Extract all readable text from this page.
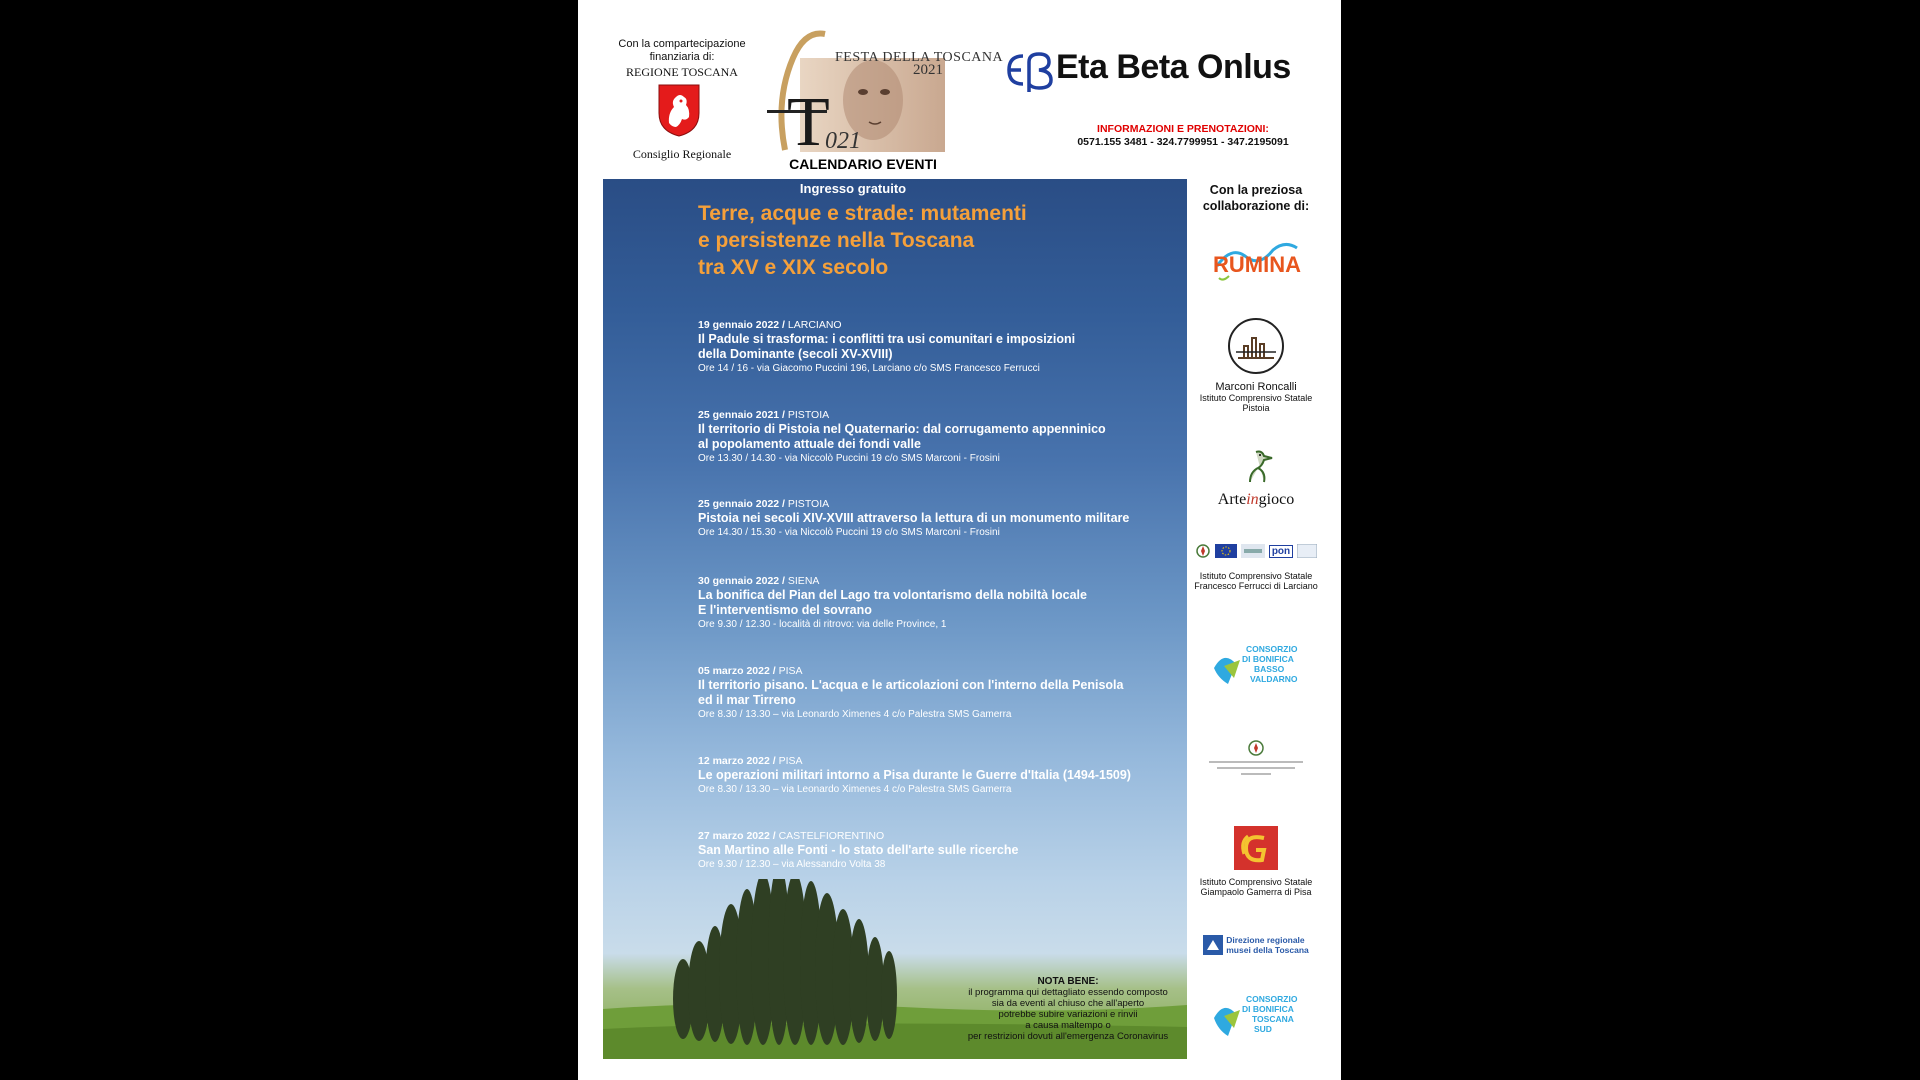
Con la compartecipazione finanziaria di:
REGIONE TOSCANA
Consiglio Regionale T
021
FESTA DELLA TOSCANA
2021
CALENDARIO EVENTI
Eta Beta Onlus
INFORMAZIONI E PRENOTAZIONI:
0571.155 3481 - 324.7799951 - 347.2195091
Ingresso gratuito
Terre, acque e strade: mutamenti
e persistenze nella Toscana
tra XV e XIX secolo
19 gennaio 2022 / LARCIANO
Il Padule si trasforma: i conflitti tra usi comunitari e imposizioni
della Dominante (secoli XV-XVIII)
Ore 14 / 16 - via Giacomo Puccini 196, Larciano c/o SMS Francesco Ferrucci
25 gennaio 2021 / PISTOIA
Il territorio di Pistoia nel Quaternario: dal corrugamento appenninico
al popolamento attuale dei fondi valle
Ore 13.30 / 14.30 - via Niccolò Puccini 19 c/o SMS Marconi - Frosini
25 gennaio 2022 / PISTOIA
Pistoia nei secoli XIV-XVIII attraverso la lettura di un monumento militare
Ore 14.30 / 15.30 - via Niccolò Puccini 19 c/o SMS Marconi - Frosini
30 gennaio 2022 / SIENA
La bonifica del Pian del Lago tra volontarismo della nobiltà locale
E l'interventismo del sovrano
Ore 9.30 / 12.30 - località di ritrovo: via delle Province, 1
05 marzo 2022 / PISA
Il territorio pisano. L'acqua e le articolazioni con l'interno della Penisola
ed il mar Tirreno
Ore 8.30 / 13.30 – via Leonardo Ximenes 4 c/o Palestra SMS Gamerra
12 marzo 2022 / PISA
Le operazioni militari intorno a Pisa durante le Guerre d'Italia (1494-1509)
Ore 8.30 / 13.30 – via Leonardo Ximenes 4 c/o Palestra SMS Gamerra
27 marzo 2022 / CASTELFIORENTINO
San Martino alle Fonti - lo stato dell'arte sulle ricerche
Ore 9.30 / 12.30 – via Alessandro Volta 38
NOTA BENE:
il programma qui dettagliato essendo composto
sia da eventi al chiuso che all'aperto
potrebbe subire variazioni e rinvii
a causa maltempo o
per restrizioni dovuti all'emergenza Coronavirus
Con la preziosa
collaborazione di:
RUMINA
Marconi Roncalli
Istituto Comprensivo Statale
Pistoia
Arteingioco
pon
Istituto Comprensivo Statale
Francesco Ferrucci di Larciano
CONSORZIO
DI BONIFICA
BASSO
VALDARNO
Istituto Comprensivo Statale
Giampaolo Gamerra di Pisa
Direzione regionale
musei della Toscana
CONSORZIO
DI BONIFICA
TOSCANA
SUD
